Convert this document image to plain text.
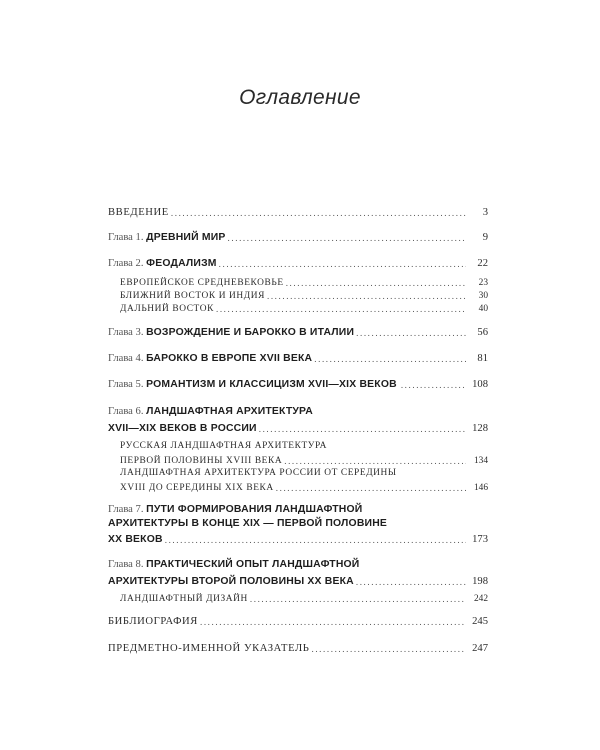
Оглавление
ВВЕДЕНИЕ .....	3
Глава 1. ДРЕВНИЙ МИР .....	9
Глава 2. ФЕОДАЛИЗМ .....	22
ЕВРОПЕЙСКОЕ СРЕДНЕВЕКОВЬЕ .....	23
БЛИЖНИЙ ВОСТОК И ИНДИЯ .....	30
ДАЛЬНИЙ ВОСТОК .....	40
Глава 3. ВОЗРОЖДЕНИЕ И БАРОККО В ИТАЛИИ .....	56
Глава 4. БАРОККО В ЕВРОПЕ XVII ВЕКА .....	81
Глава 5. РОМАНТИЗМ И КЛАССИЦИЗМ XVII—XIX ВЕКОВ .....	108
Глава 6. ЛАНДШАФТНАЯ АРХИТЕКТУРА
XVII—XIX ВЕКОВ В РОССИИ .....	128
РУССКАЯ ЛАНДШАФТНАЯ АРХИТЕКТУРА
ПЕРВОЙ ПОЛОВИНЫ XVIII ВЕКА .....	134
ЛАНДШАФТНАЯ АРХИТЕКТУРА РОССИИ ОТ СЕРЕДИНЫ
XVIII ДО СЕРЕДИНЫ XIX ВЕКА .....	146
Глава 7. ПУТИ ФОРМИРОВАНИЯ ЛАНДШАФТНОЙ
АРХИТЕКТУРЫ В КОНЦЕ XIX — ПЕРВОЙ ПОЛОВИНЕ
XX ВЕКОВ .....	173
Глава 8. ПРАКТИЧЕСКИЙ ОПЫТ ЛАНДШАФТНОЙ
АРХИТЕКТУРЫ ВТОРОЙ ПОЛОВИНЫ XX ВЕКА .....	198
ЛАНДШАФТНЫЙ ДИЗАЙН .....	242
БИБЛИОГРАФИЯ .....	245
ПРЕДМЕТНО-ИМЕННОЙ УКАЗАТЕЛЬ .....	247
